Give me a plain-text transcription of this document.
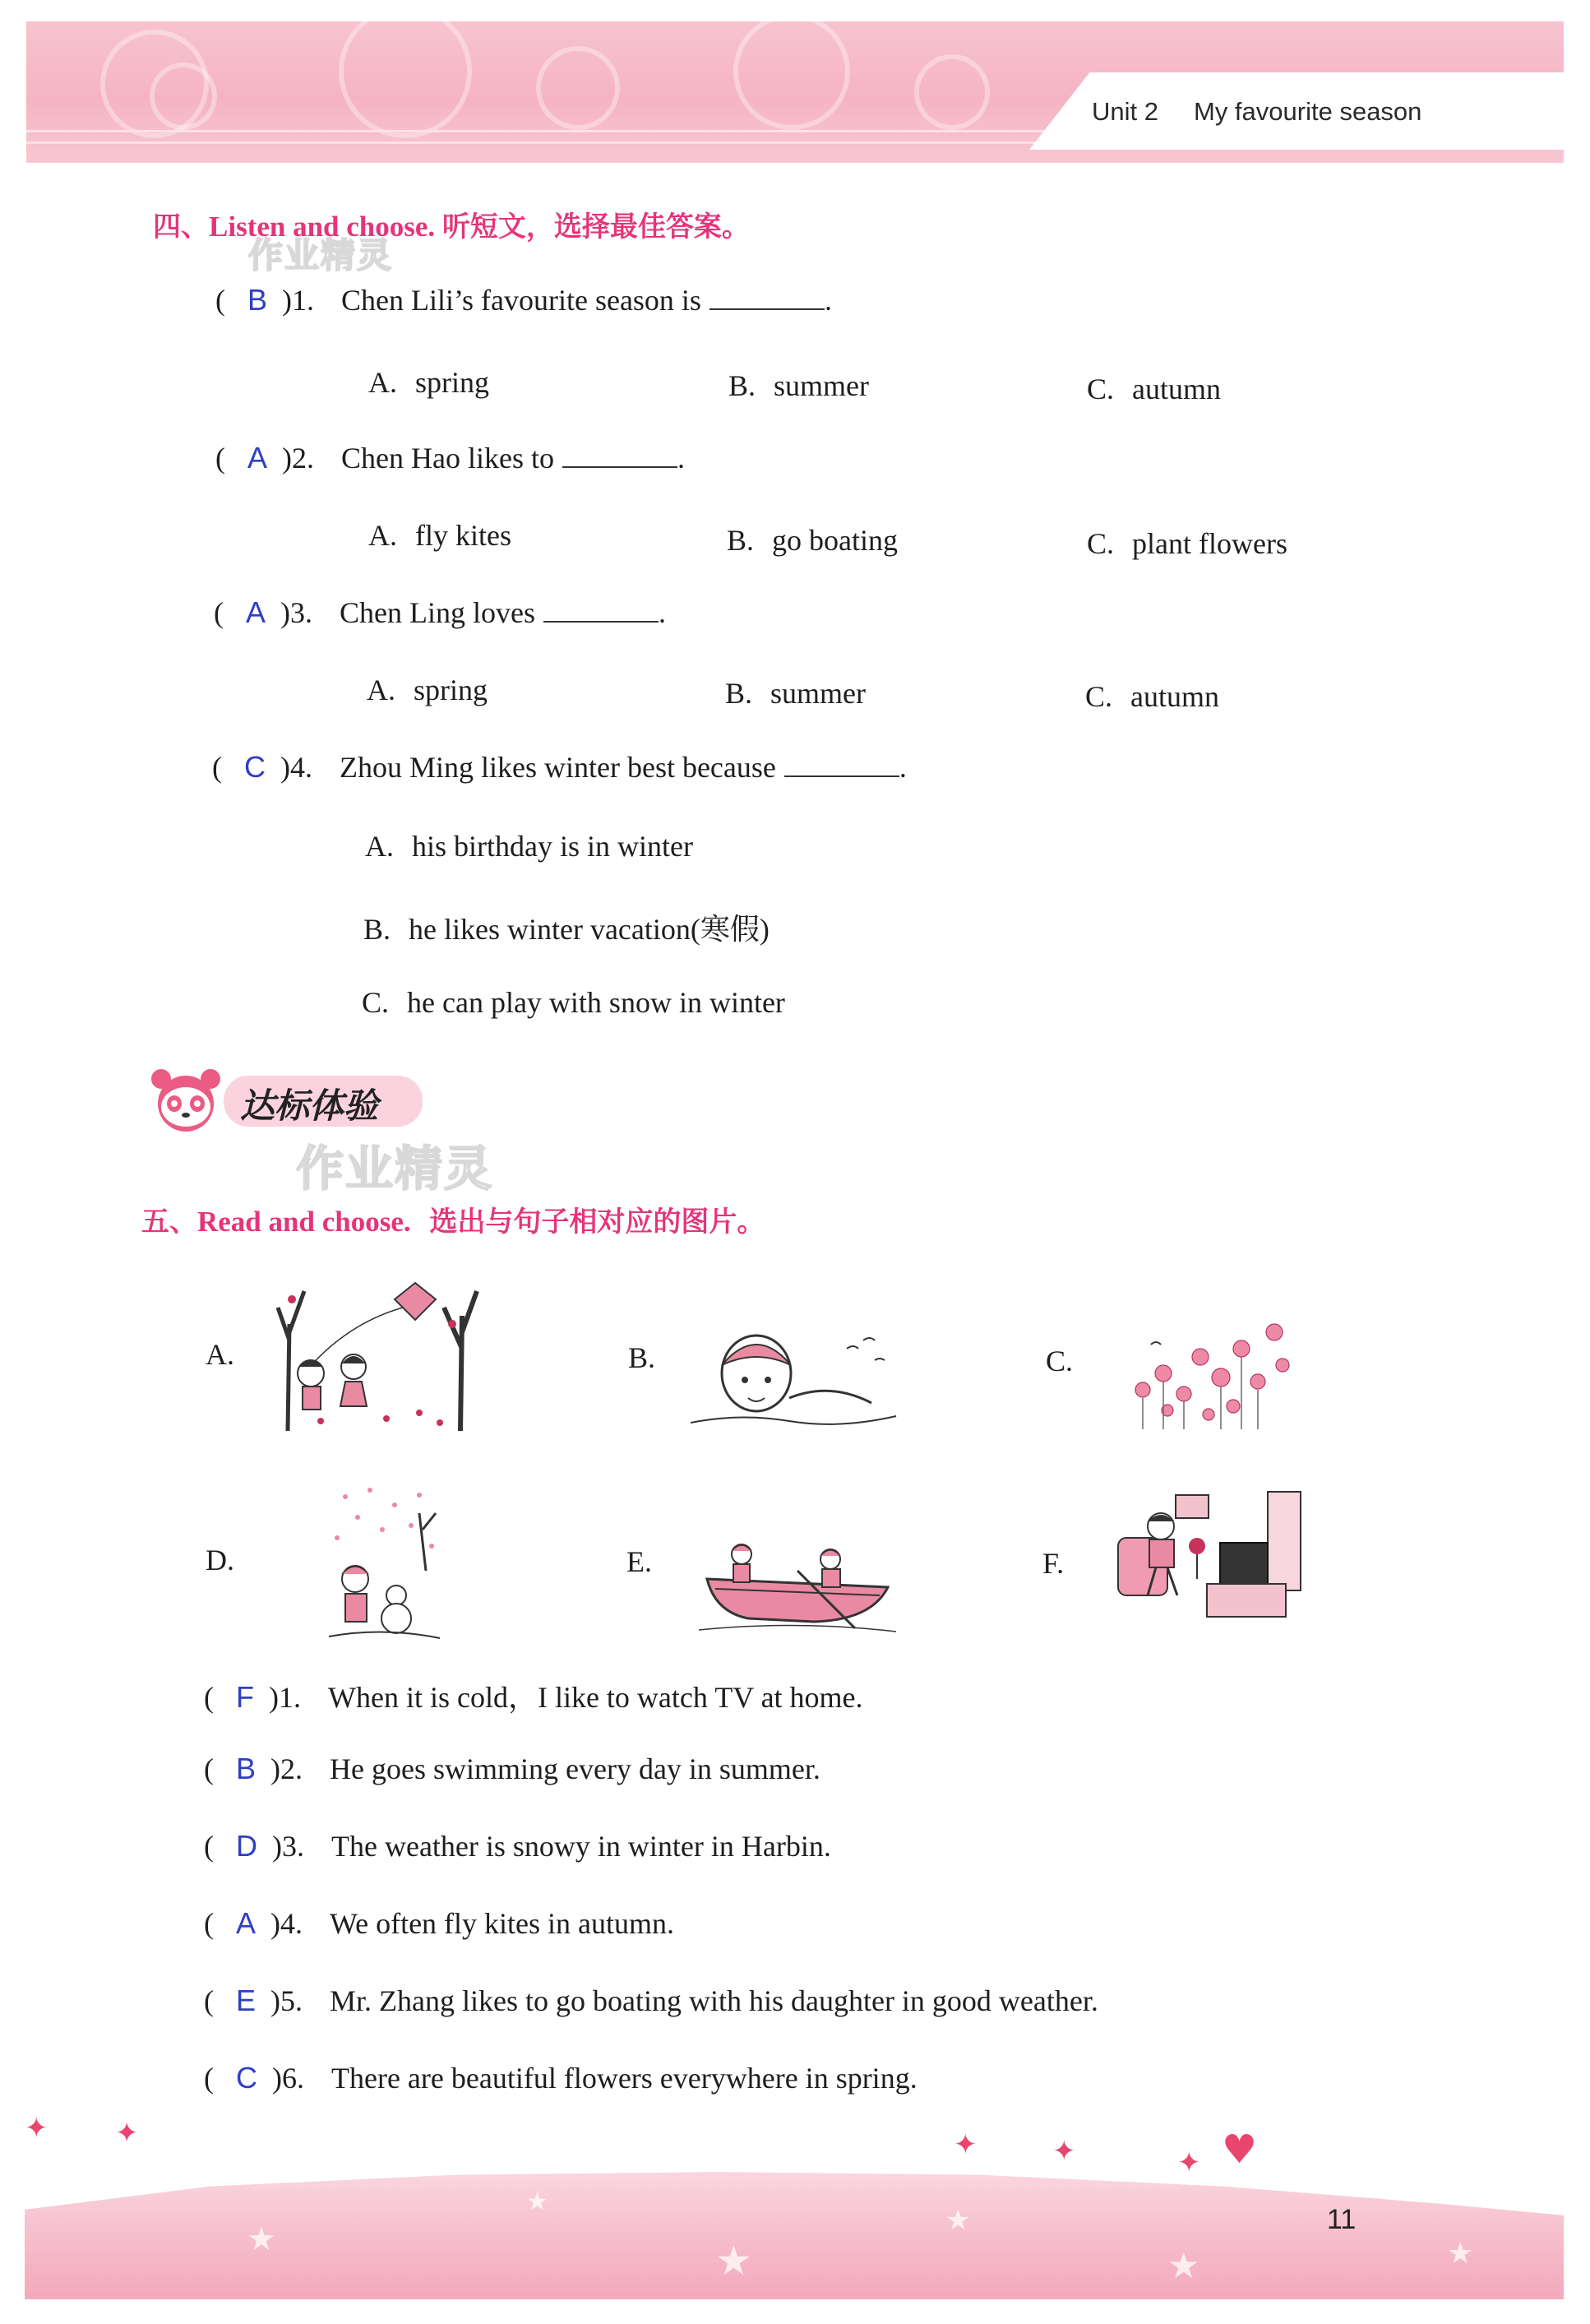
Unit 2 My favourite season
四、Listen and choose. 听短文，选择最佳答案。
作业精灵
( B )1. Chen Lili’s favourite season is	.
A. spring	B. summer	C. autumn
( A )2. Chen Hao likes to	.
A. fly kites	B. go boating	C. plant flowers
( A )3. Chen Ling loves	.
A. spring	B. summer	C. autumn
( C )4. Zhou Ming likes winter best because	.
A. his birthday is in winter
B. he likes winter vacation(寒假)
C. he can play with snow in winter
达标体验
作业精灵
五、Read and choose. 选出与句子相对应的图片。
A.	B.	C.
D.	E.	F.
( F )1. When it is cold，I like to watch TV at home.
( B )2. He goes swimming every day in summer.
( D )3. The weather is snowy in winter in Harbin.
( A )4. We often fly kites in autumn.
( E )5. Mr. Zhang likes to go boating with his daughter in good weather.
( C )6. There are beautiful flowers everywhere in spring.
★
★
★
★
★	★
✦ ✦	✦	✦	✦ ♥
11
